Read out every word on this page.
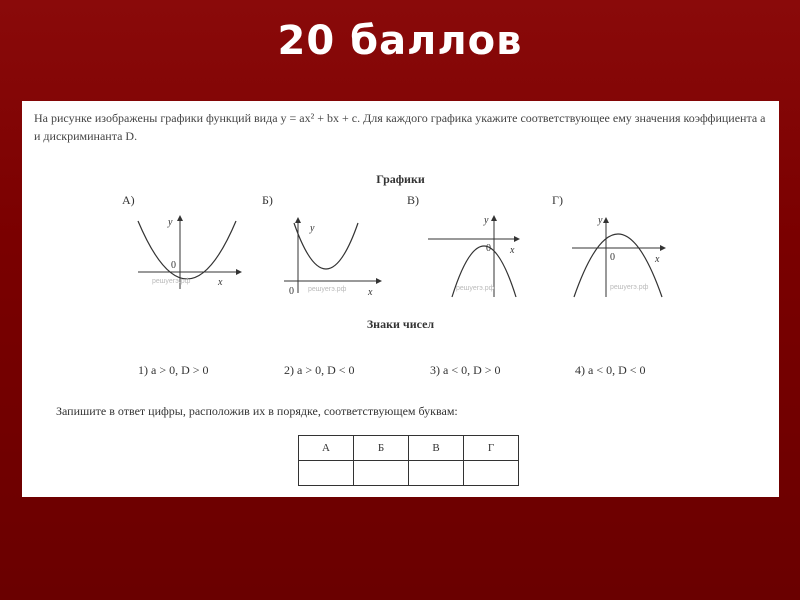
20 баллов
На рисунке изображены графики функций вида y = ax² + bx + c. Для каждого графика укажите соответствующее ему значения коэффициента a и дискриминанта D.
Графики
А)
y
0
x
решуегэ.рф
Б)
y
0	x
решуегэ.рф
В)
y
0 x
решуегэ.рф
Г)
y
0	x
решуегэ.рф
Знаки чисел
1) a > 0, D > 0	2) a > 0, D < 0	3) a < 0, D > 0	4) a < 0, D < 0
Запишите в ответ цифры, расположив их в порядке, соответствующем буквам:
А	Б	В	Г
